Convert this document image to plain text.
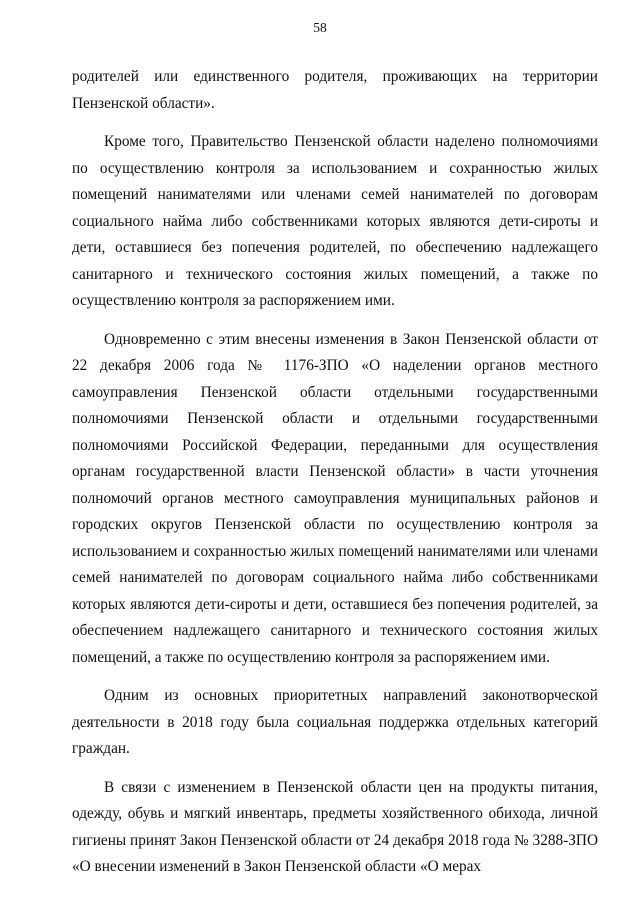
58

родителей или единственного родителя, проживающих на территории Пензенской области».

Кроме того, Правительство Пензенской области наделено полномочиями по осуществлению контроля за использованием и сохранностью жилых помещений нанимателями или членами семей нанимателей по договорам социального найма либо собственниками которых являются дети-сироты и дети, оставшиеся без попечения родителей, по обеспечению надлежащего санитарного и технического состояния жилых помещений, а также по осуществлению контроля за распоряжением ими.

Одновременно с этим внесены изменения в Закон Пензенской области от 22 декабря 2006 года № 1176-ЗПО «О наделении органов местного самоуправления Пензенской области отдельными государственными полномочиями Пензенской области и отдельными государственными полномочиями Российской Федерации, переданными для осуществления органам государственной власти Пензенской области» в части уточнения полномочий органов местного самоуправления муниципальных районов и городских округов Пензенской области по осуществлению контроля за использованием и сохранностью жилых помещений нанимателями или членами семей нанимателей по договорам социального найма либо собственниками которых являются дети-сироты и дети, оставшиеся без попечения родителей, за обеспечением надлежащего санитарного и технического состояния жилых помещений, а также по осуществлению контроля за распоряжением ими.

Одним из основных приоритетных направлений законотворческой деятельности в 2018 году была социальная поддержка отдельных категорий граждан.

В связи с изменением в Пензенской области цен на продукты питания, одежду, обувь и мягкий инвентарь, предметы хозяйственного обихода, личной гигиены принят Закон Пензенской области от 24 декабря 2018 года № 3288-ЗПО «О внесении изменений в Закон Пензенской области «О мерах
